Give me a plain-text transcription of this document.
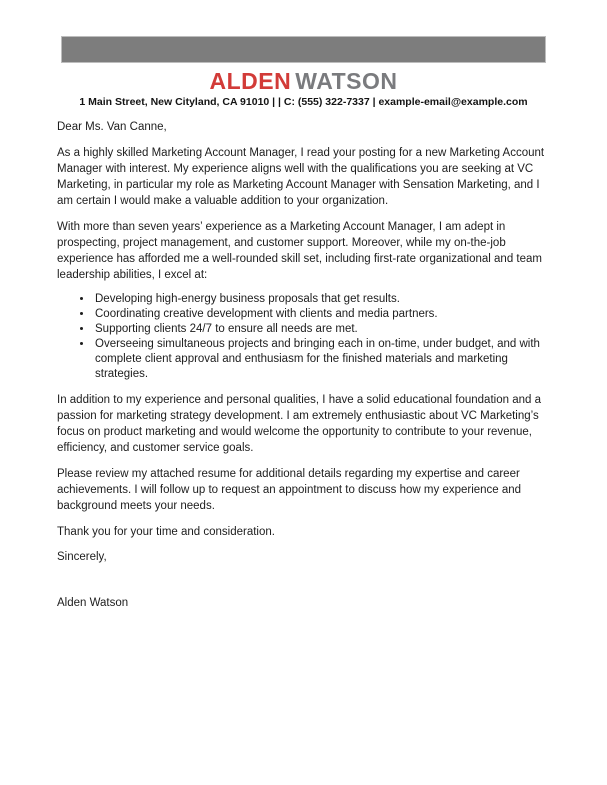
ALDEN WATSON
1 Main Street, New Cityland, CA 91010 | | C: (555) 322-7337 | example-email@example.com

Dear Ms. Van Canne,

As a highly skilled Marketing Account Manager, I read your posting for a new Marketing Account Manager with interest. My experience aligns well with the qualifications you are seeking at VC Marketing, in particular my role as Marketing Account Manager with Sensation Marketing, and I am certain I would make a valuable addition to your organization.

With more than seven years’ experience as a Marketing Account Manager, I am adept in prospecting, project management, and customer support. Moreover, while my on-the-job experience has afforded me a well-rounded skill set, including first-rate organizational and team leadership abilities, I excel at:

• Developing high-energy business proposals that get results.
• Coordinating creative development with clients and media partners.
• Supporting clients 24/7 to ensure all needs are met.
• Overseeing simultaneous projects and bringing each in on-time, under budget, and with complete client approval and enthusiasm for the finished materials and marketing strategies.

In addition to my experience and personal qualities, I have a solid educational foundation and a passion for marketing strategy development. I am extremely enthusiastic about VC Marketing’s focus on product marketing and would welcome the opportunity to contribute to your revenue, efficiency, and customer service goals.

Please review my attached resume for additional details regarding my expertise and career achievements. I will follow up to request an appointment to discuss how my experience and background meets your needs.

Thank you for your time and consideration.

Sincerely,

Alden Watson
